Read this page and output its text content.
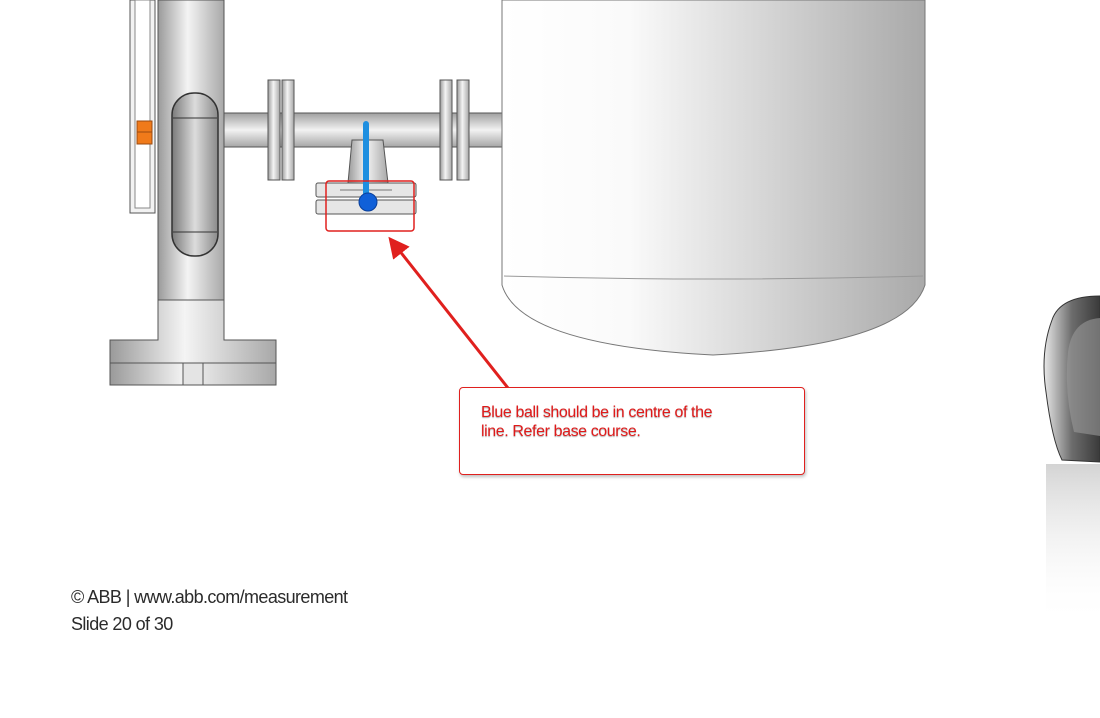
Blue ball should be in centre of the
line. Refer base course.
© ABB | www.abb.com/measurement
Slide 20 of 30
